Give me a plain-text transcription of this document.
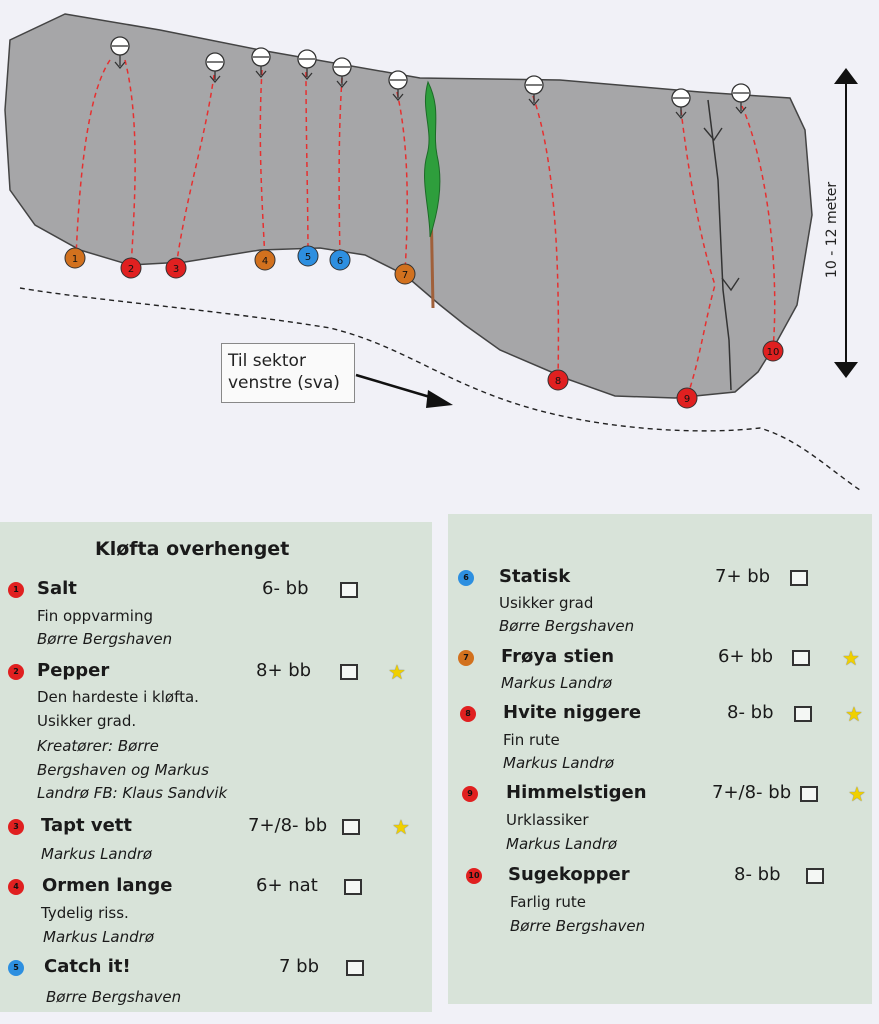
1
2	3
4	5	6
7
8
9
10
Til sektor
venstre (sva)
10 - 12 meter
Kløfta overhenget
1 Salt	6- bb
Fin oppvarming
Børre Bergshaven
2 Pepper	8+ bb	★
Den hardeste i kløfta.
Usikker grad.
Kreatører: Børre
Bergshaven og Markus
Landrø FB: Klaus Sandvik
3 Tapt vett	7+/8- bb	★
Markus Landrø
4 Ormen lange	6+ nat
Tydelig riss.
Markus Landrø
5 Catch it!	7 bb
Børre Bergshaven
6 Statisk	7+ bb
Usikker grad
Børre Bergshaven
7 Frøya stien	6+ bb	★
Markus Landrø
8 Hvite niggere	8- bb	★
Fin rute
Markus Landrø
9 Himmelstigen	7+/8- bb	★
Urklassiker
Markus Landrø
10 Sugekopper	8- bb
Farlig rute
Børre Bergshaven
